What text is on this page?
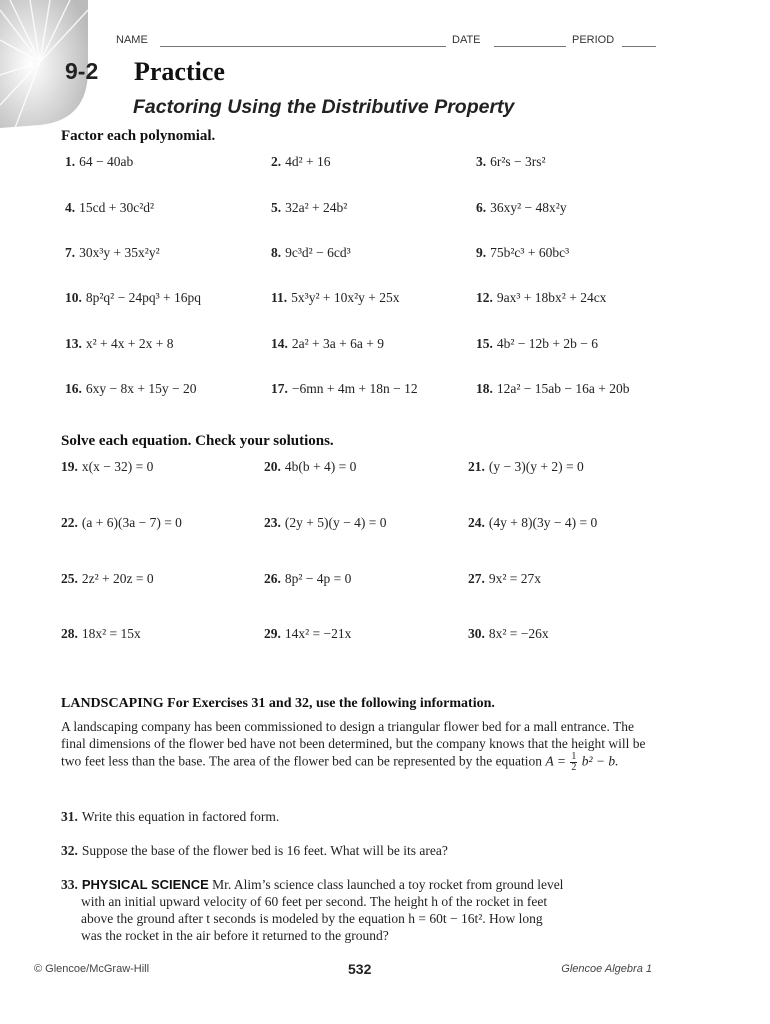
NAME	DATE	PERIOD
9-2 Practice
Factoring Using the Distributive Property
Factor each polynomial.
1. 64 − 40ab	2. 4d² + 16	3. 6r²s − 3rs²
4. 15cd + 30c²d²	5. 32a² + 24b²	6. 36xy² − 48x²y
7. 30x³y + 35x²y²	8. 9c³d² − 6cd³	9. 75b²c³ + 60bc³
10. 8p²q² − 24pq³ + 16pq	11. 5x³y² + 10x²y + 25x	12. 9ax³ + 18bx² + 24cx
13. x² + 4x + 2x + 8	14. 2a² + 3a + 6a + 9	15. 4b² − 12b + 2b − 6
16. 6xy − 8x + 15y − 20	17. −6mn + 4m + 18n − 12	18. 12a² − 15ab − 16a + 20b
Solve each equation. Check your solutions.
19. x(x − 32) = 0	20. 4b(b + 4) = 0	21. (y − 3)(y + 2) = 0
22. (a + 6)(3a − 7) = 0	23. (2y + 5)(y − 4) = 0	24. (4y + 8)(3y − 4) = 0
25. 2z² + 20z = 0	26. 8p² − 4p = 0	27. 9x² = 27x
28. 18x² = 15x	29. 14x² = −21x	30. 8x² = −26x
LANDSCAPING For Exercises 31 and 32, use the following information.
A landscaping company has been commissioned to design a triangular flower bed for a mall entrance. The final dimensions of the flower bed have not been determined, but the company knows that the height will be two feet less than the base. The area of the flower bed can be represented by the equation $A = \frac{1}{2} b^2 - b$.
31. Write this equation in factored form.
32. Suppose the base of the flower bed is 16 feet. What will be its area?
33. PHYSICAL SCIENCE Mr. Alim’s science class launched a toy rocket from ground level
with an initial upward velocity of 60 feet per second. The height h of the rocket in feet
above the ground after t seconds is modeled by the equation h = 60t − 16t². How long
was the rocket in the air before it returned to the ground?
© Glencoe/McGraw-Hill	532	Glencoe Algebra 1
